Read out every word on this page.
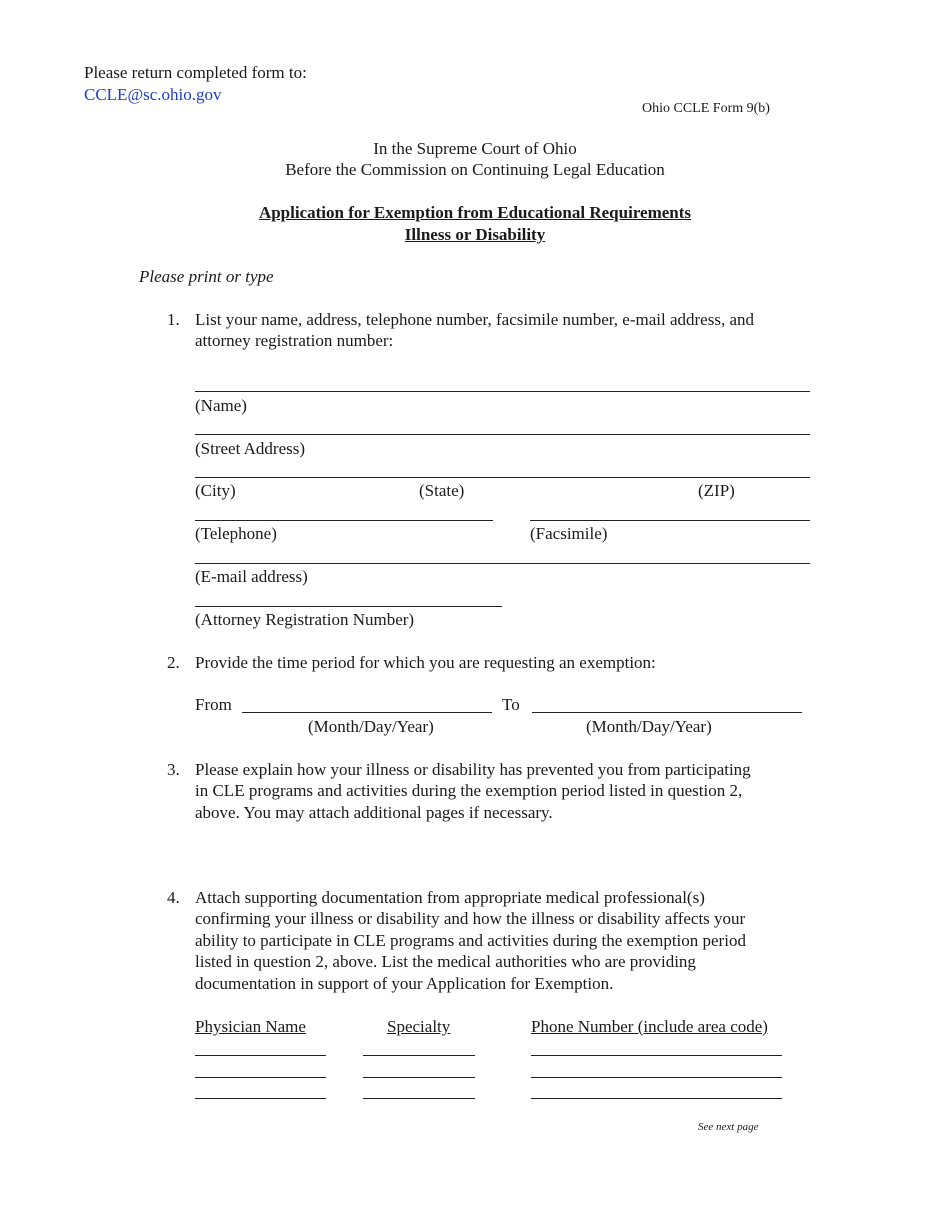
Please return completed form to:
CCLE@sc.ohio.gov
Ohio CCLE Form 9(b)
In the Supreme Court of Ohio
Before the Commission on Continuing Legal Education
Application for Exemption from Educational Requirements
Illness or Disability
Please print or type
1. List your name, address, telephone number, facsimile number, e-mail address, and
attorney registration number:
(Name)
(Street Address)
(City)	(State)	(ZIP)
(Telephone)	(Facsimile)
(E-mail address)
(Attorney Registration Number)
2. Provide the time period for which you are requesting an exemption:
From	To
(Month/Day/Year)	(Month/Day/Year)
3. Please explain how your illness or disability has prevented you from participating
in CLE programs and activities during the exemption period listed in question 2,
above. You may attach additional pages if necessary.
4. Attach supporting documentation from appropriate medical professional(s)
confirming your illness or disability and how the illness or disability affects your
ability to participate in CLE programs and activities during the exemption period
listed in question 2, above. List the medical authorities who are providing
documentation in support of your Application for Exemption.
Physician Name	Specialty	Phone Number (include area code)
See next page
